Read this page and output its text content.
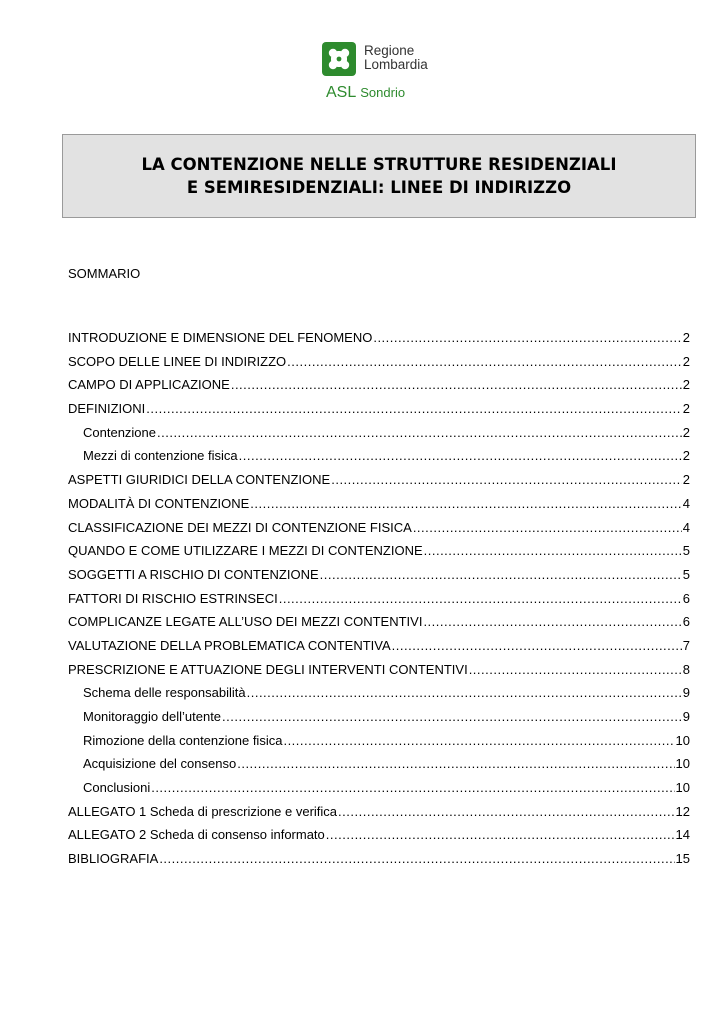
Regione
Lombardia
ASL Sondrio
LA CONTENZIONE NELLE STRUTTURE RESIDENZIALI
E SEMIRESIDENZIALI: LINEE DI INDIRIZZO
SOMMARIO
INTRODUZIONE E DIMENSIONE DEL FENOMENO .....	2
SCOPO DELLE LINEE DI INDIRIZZO .....	2
CAMPO DI APPLICAZIONE .....	2
DEFINIZIONI .....	2
Contenzione .....	2
Mezzi di contenzione fisica .....	2
ASPETTI GIURIDICI DELLA CONTENZIONE .....	2
MODALITÀ DI CONTENZIONE .....	4
CLASSIFICAZIONE DEI MEZZI DI CONTENZIONE FISICA .....	4
QUANDO E COME UTILIZZARE I MEZZI DI CONTENZIONE .....	5
SOGGETTI A RISCHIO DI CONTENZIONE .....	5
FATTORI DI RISCHIO ESTRINSECI .....	6
COMPLICANZE LEGATE ALL’USO DEI MEZZI CONTENTIVI .....	6
VALUTAZIONE DELLA PROBLEMATICA CONTENTIVA .....	7
PRESCRIZIONE E ATTUAZIONE DEGLI INTERVENTI CONTENTIVI .....	8
Schema delle responsabilità .....	9
Monitoraggio dell’utente .....	9
Rimozione della contenzione fisica .....	10
Acquisizione del consenso .....	10
Conclusioni .....	10
ALLEGATO 1 Scheda di prescrizione e verifica .....	12
ALLEGATO 2 Scheda di consenso informato .....	14
BIBLIOGRAFIA .....	15
